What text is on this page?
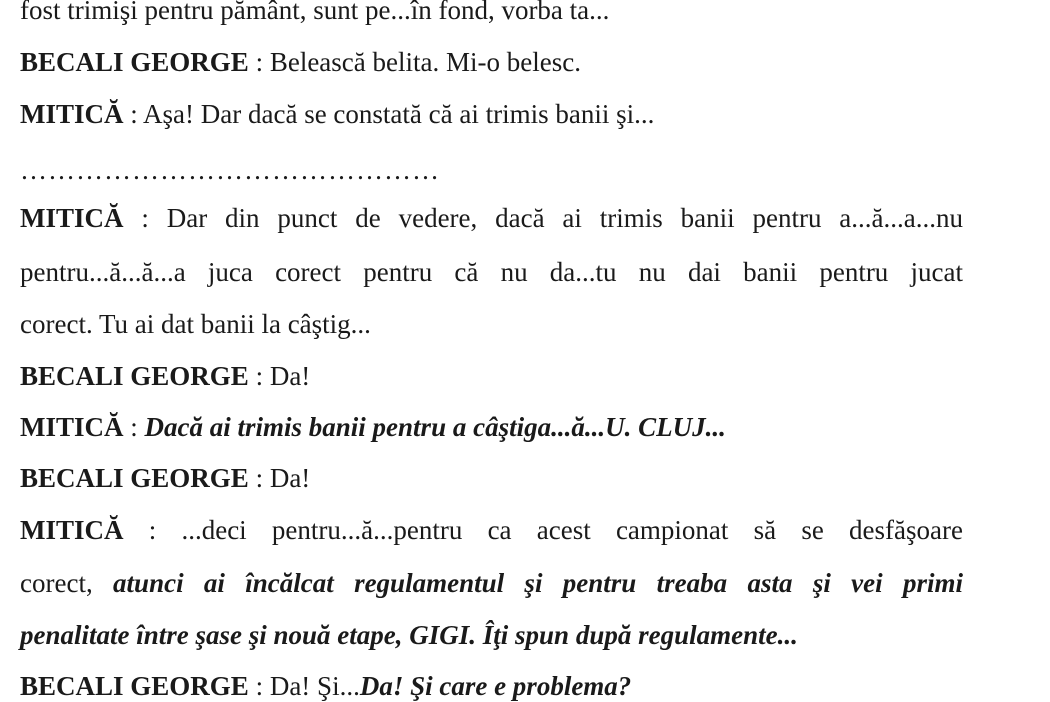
fost trimişi pentru pământ, sunt pe...în fond, vorba ta...
BECALI GEORGE : Belească belita. Mi-o belesc.
MITICĂ : Aşa! Dar dacă se constată că ai trimis banii şi...
………………………………………
MITICĂ : Dar din punct de vedere, dacă ai trimis banii pentru a...ă...a...nu
pentru...ă...ă...a juca corect pentru că nu da...tu nu dai banii pentru jucat
corect. Tu ai dat banii la câştig...
BECALI GEORGE : Da!
MITICĂ : Dacă ai trimis banii pentru a câştiga...ă...U. CLUJ...
BECALI GEORGE : Da!
MITICĂ : ...deci pentru...ă...pentru ca acest campionat să se desfăşoare
corect, atunci ai încălcat regulamentul şi pentru treaba asta şi vei primi
penalitate între şase şi nouă etape, GIGI. Îţi spun după regulamente...
BECALI GEORGE : Da! Şi...Da! Şi care e problema?
